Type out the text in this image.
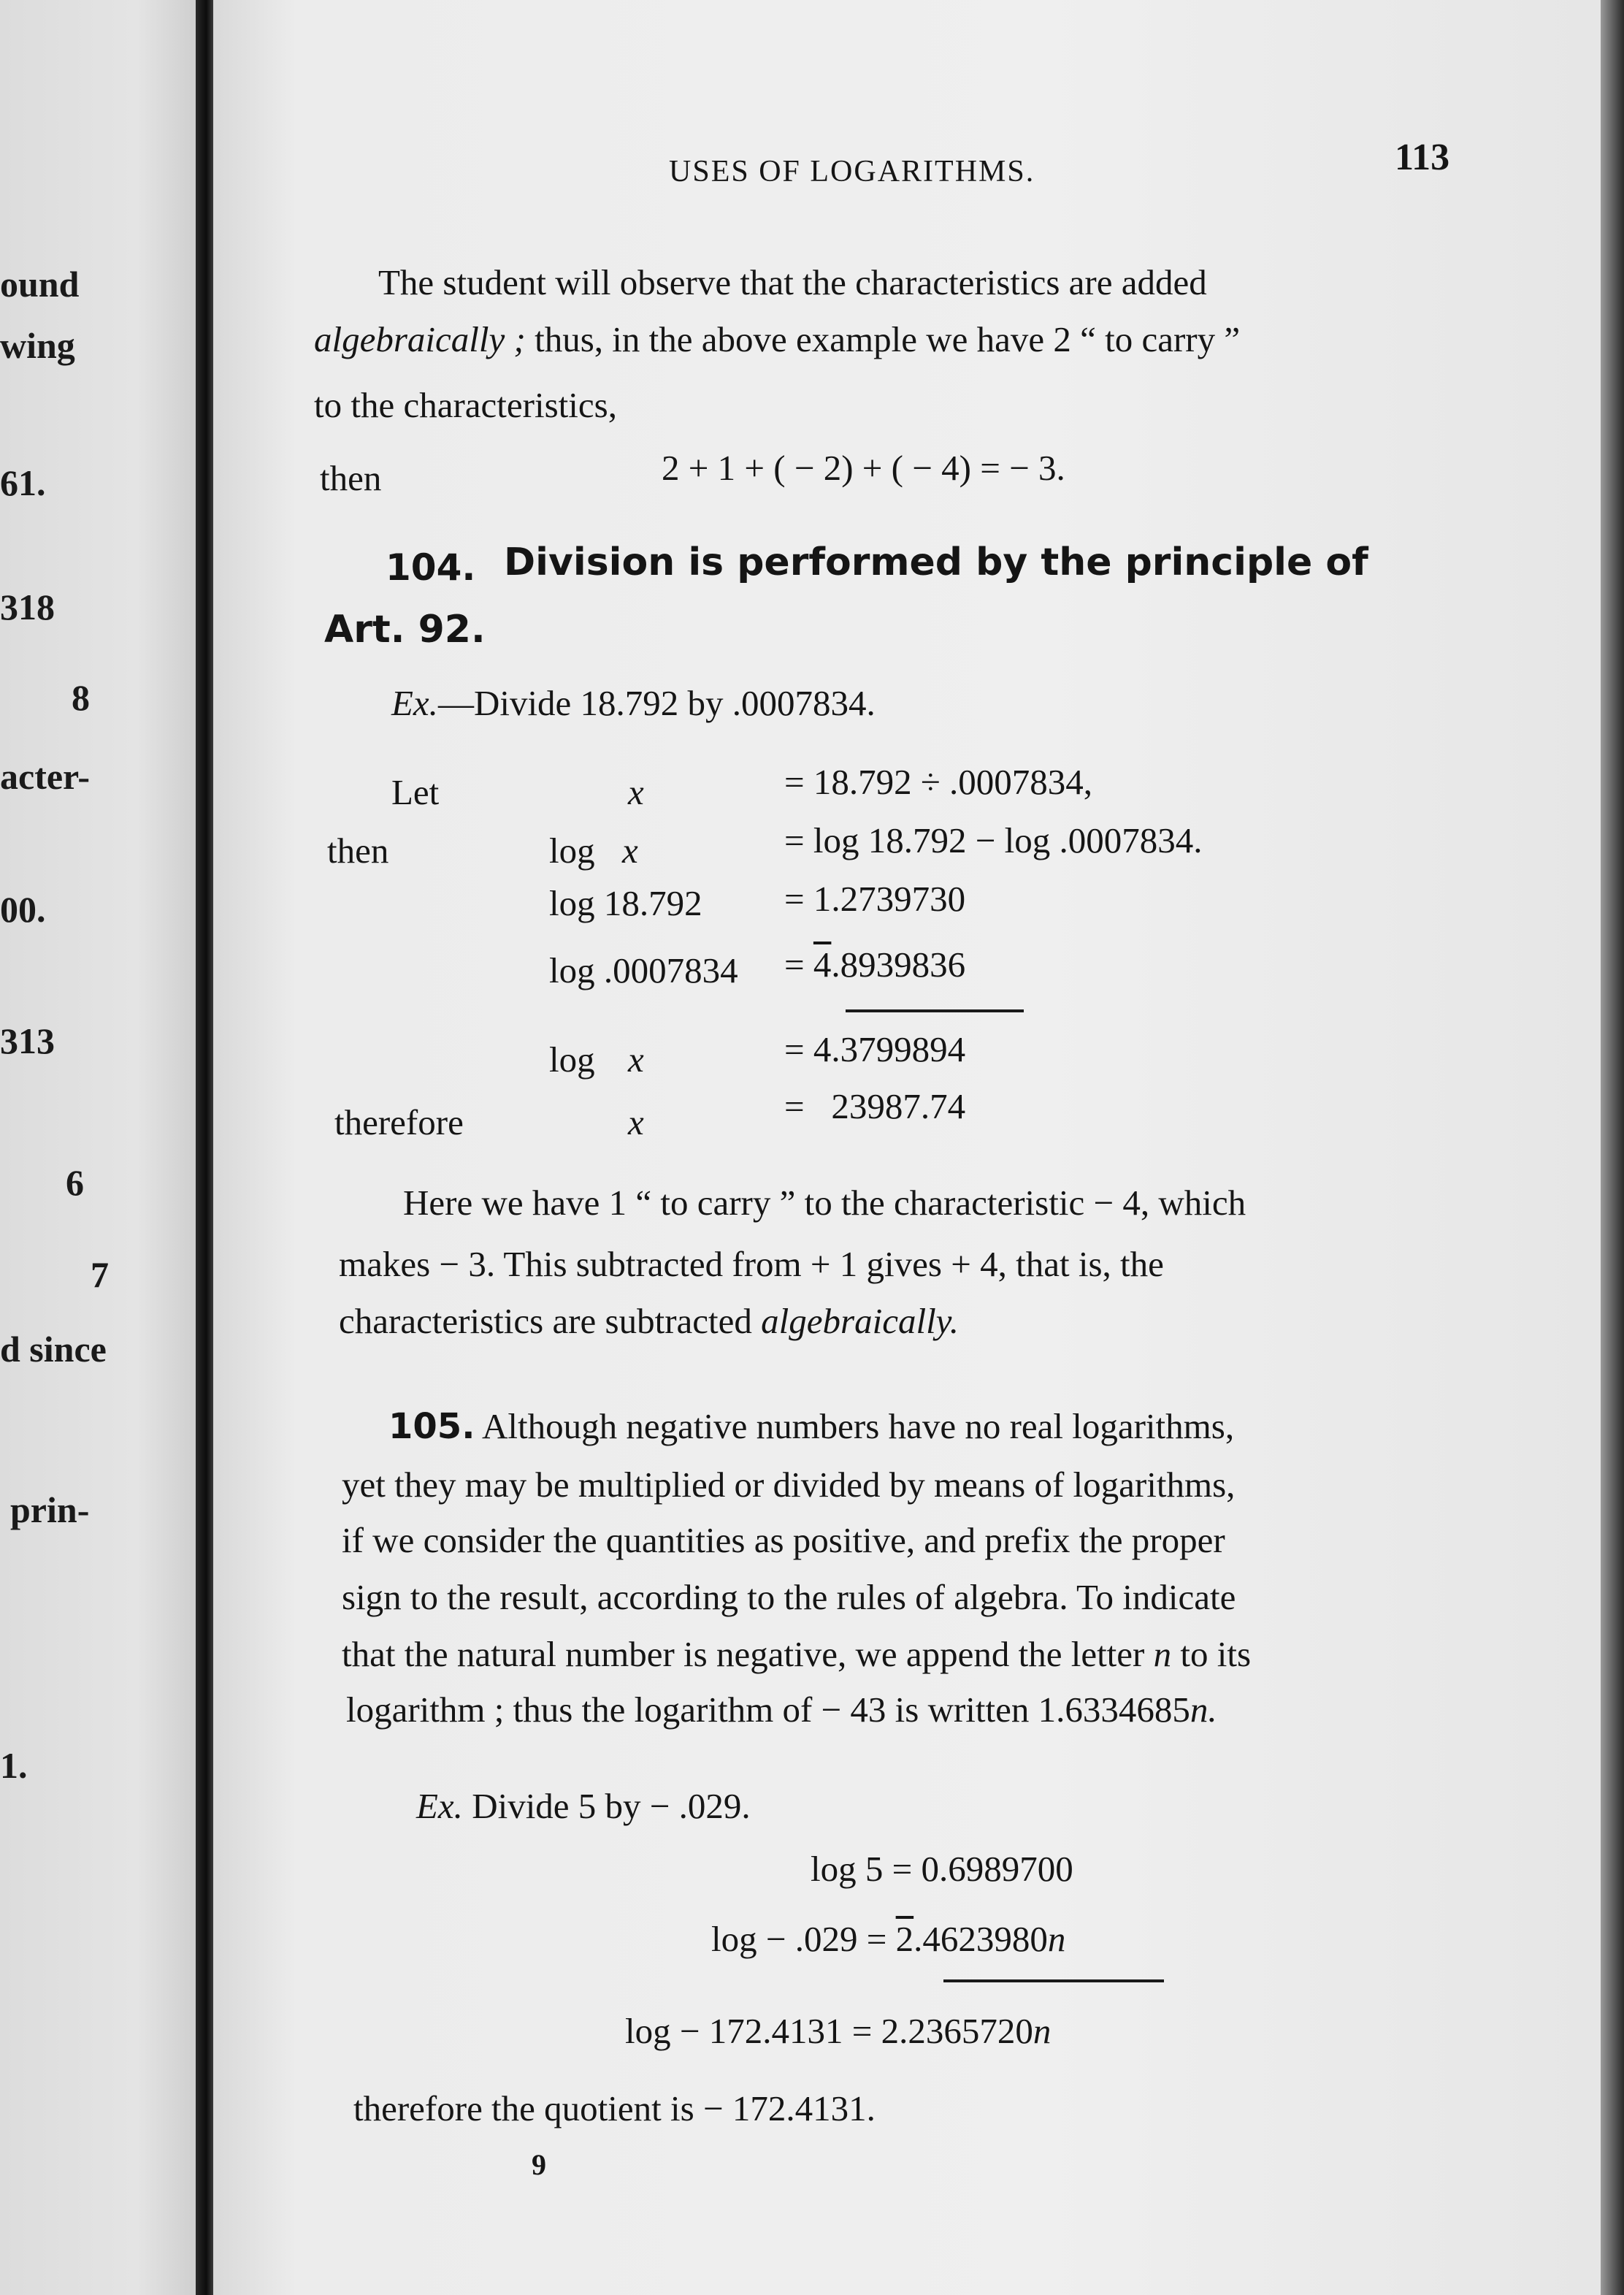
ound
wing
61.
318
8
acter-
00.
313
6
7
d since
prin-
1.
USES OF LOGARITHMS.	113
The student will observe that the characteristics are added
algebraically ; thus, in the above example we have 2 “ to carry ”
to the characteristics,
then	2 + 1 + ( − 2) + ( − 4) = − 3.
104. Division is performed by the principle of
Art. 92.
Ex.—Divide 18.792 by .0007834.
Let	x	= 18.792 ÷ .0007834,
then	log x	= log 18.792 − log .0007834.
log 18.792 = 1.2739730
log .0007834 = 4.8939836
log x	= 4.3799894
therefore	x	=   23987.74
Here we have 1 “ to carry ” to the characteristic − 4, which
makes − 3. This subtracted from + 1 gives + 4, that is, the
characteristics are subtracted algebraically.
105. Although negative numbers have no real logarithms,
yet they may be multiplied or divided by means of logarithms,
if we consider the quantities as positive, and prefix the proper
sign to the result, according to the rules of algebra. To indicate
that the natural number is negative, we append the letter n to its
logarithm ; thus the logarithm of − 43 is written 1.6334685n.
Ex. Divide 5 by − .029.
log 5 = 0.6989700
log − .029 = 2.4623980n
log − 172.4131 = 2.2365720n
therefore the quotient is − 172.4131.
9
